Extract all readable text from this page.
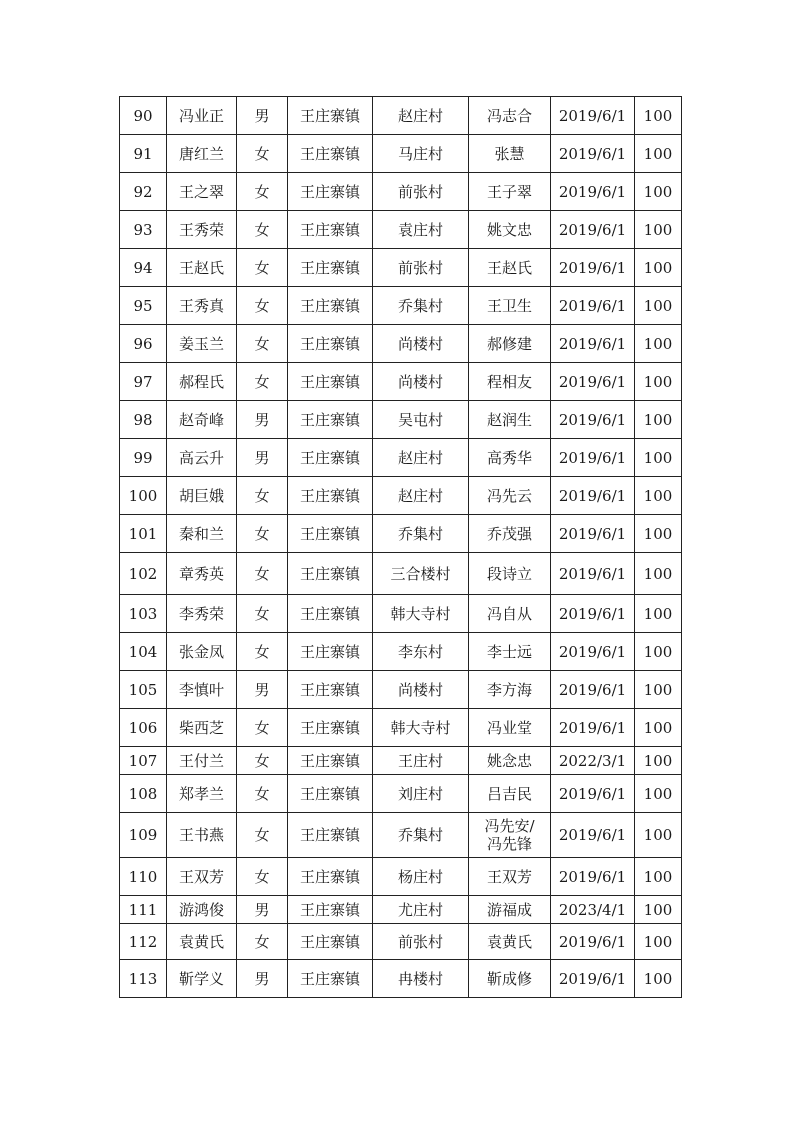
90	冯业正	男	王庄寨镇	赵庄村	冯志合	2019/6/1	100
91	唐红兰	女	王庄寨镇	马庄村	张慧	2019/6/1	100
92	王之翠	女	王庄寨镇	前张村	王子翠	2019/6/1	100
93	王秀荣	女	王庄寨镇	袁庄村	姚文忠	2019/6/1	100
94	王赵氏	女	王庄寨镇	前张村	王赵氏	2019/6/1	100
95	王秀真	女	王庄寨镇	乔集村	王卫生	2019/6/1	100
96	姜玉兰	女	王庄寨镇	尚楼村	郝修建	2019/6/1	100
97	郝程氏	女	王庄寨镇	尚楼村	程相友	2019/6/1	100
98	赵奇峰	男	王庄寨镇	吴屯村	赵润生	2019/6/1	100
99	高云升	男	王庄寨镇	赵庄村	高秀华	2019/6/1	100
100	胡巨娥	女	王庄寨镇	赵庄村	冯先云	2019/6/1	100
101	秦和兰	女	王庄寨镇	乔集村	乔茂强	2019/6/1	100
102	章秀英	女	王庄寨镇	三合楼村	段诗立	2019/6/1	100
103	李秀荣	女	王庄寨镇	韩大寺村	冯自从	2019/6/1	100
104	张金凤	女	王庄寨镇	李东村	李士远	2019/6/1	100
105	李慎叶	男	王庄寨镇	尚楼村	李方海	2019/6/1	100
106	柴西芝	女	王庄寨镇	韩大寺村	冯业堂	2019/6/1	100
107	王付兰	女	王庄寨镇	王庄村	姚念忠	2022/3/1	100
108	郑孝兰	女	王庄寨镇	刘庄村	吕吉民	2019/6/1	100
109	王书燕	女	王庄寨镇	乔集村	冯先安/
冯先锋	2019/6/1	100
110	王双芳	女	王庄寨镇	杨庄村	王双芳	2019/6/1	100
111	游鸿俊	男	王庄寨镇	尤庄村	游福成	2023/4/1	100
112	袁黄氏	女	王庄寨镇	前张村	袁黄氏	2019/6/1	100
113	靳学义	男	王庄寨镇	冉楼村	靳成修	2019/6/1	100
